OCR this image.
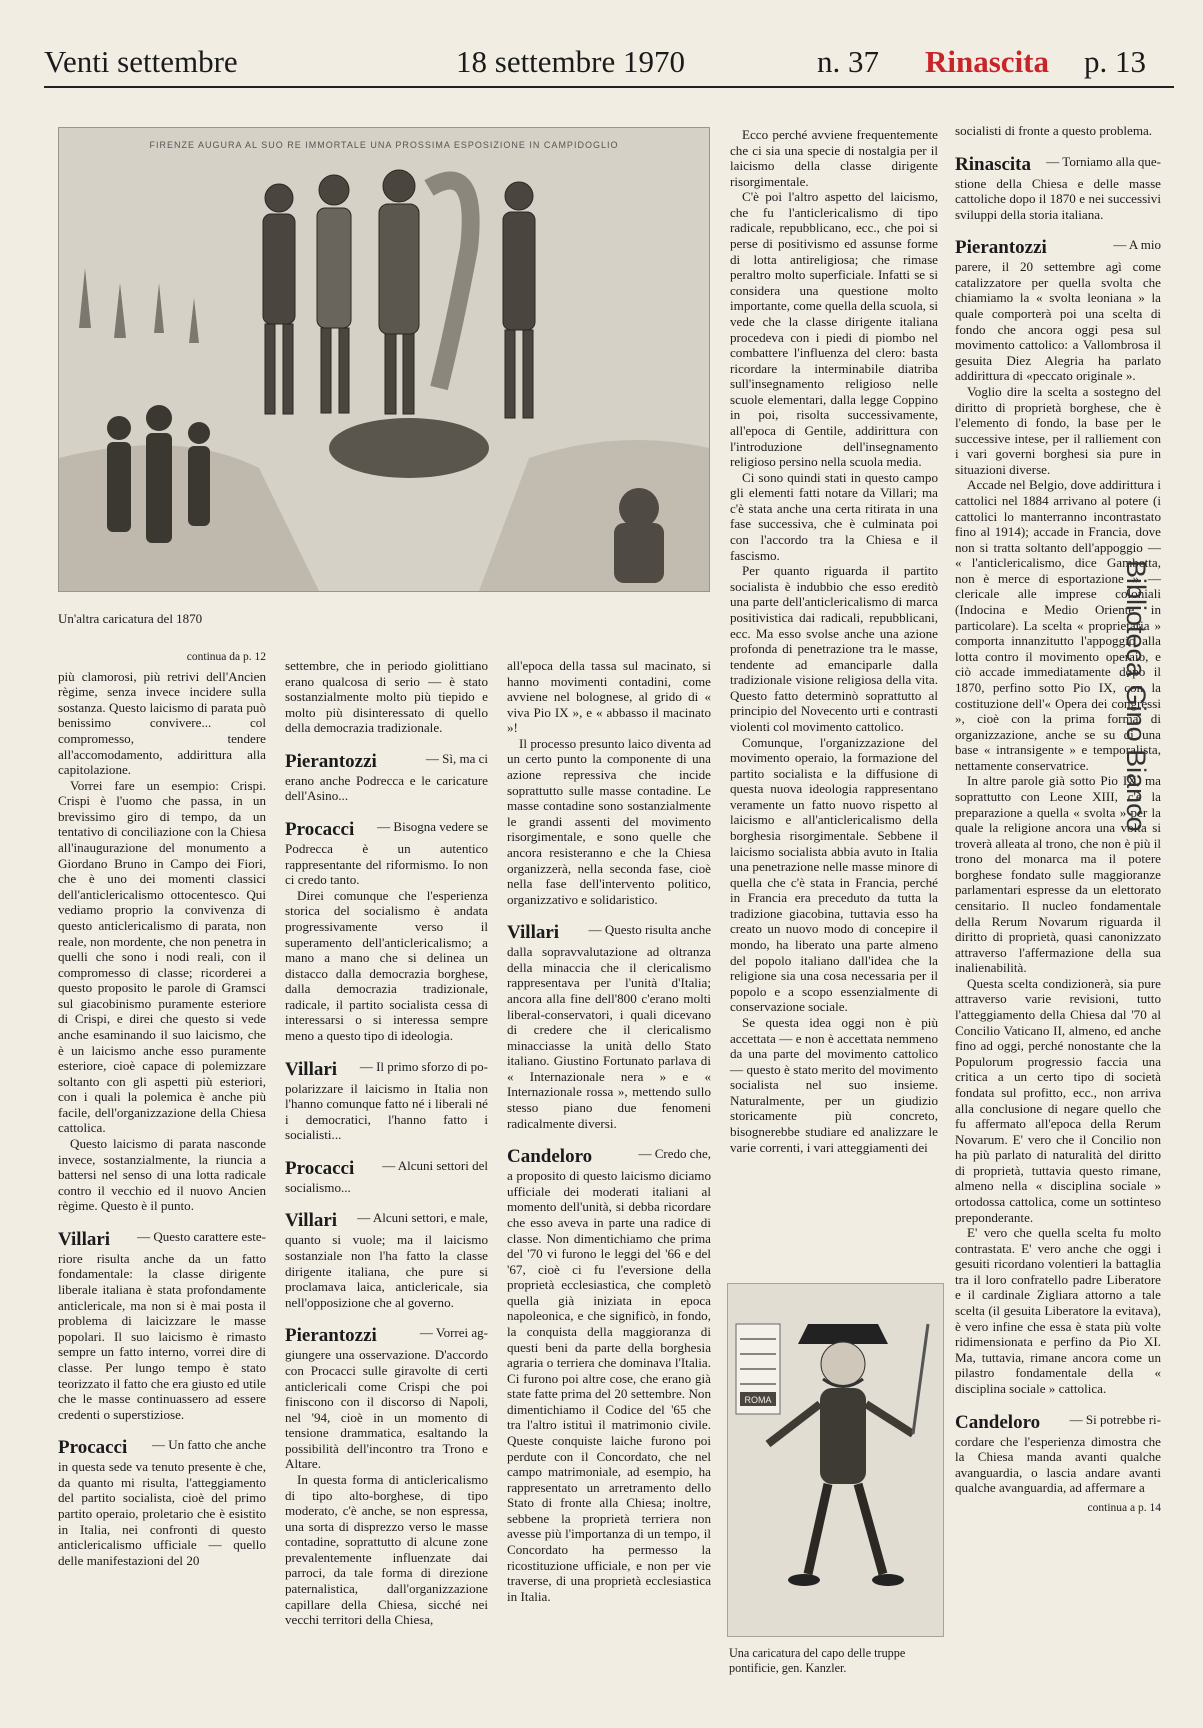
Venti settembre	18 settembre 1970	n. 37 Rinascita p. 13
FIRENZE AUGURA AL SUO RE IMMORTALE UNA PROSSIMA ESPOSIZIONE IN CAMPIDOGLIO
Un'altra caricatura del 1870
continua da p. 12

più clamorosi, più retrivi dell'Ancien règime, senza invece incidere sulla sostanza. Questo laicismo di parata può benissimo convivere... col compromesso, tendere all'accomodamento, addirittura alla capitolazione.

Vorrei fare un esempio: Crispi. Crispi è l'uomo che passa, in un brevissimo giro di tempo, da un tentativo di conciliazione con la Chiesa all'inaugurazione del monumento a Giordano Bruno in Campo dei Fiori, che è uno dei momenti classici dell'anticlericalismo ottocentesco. Qui vediamo proprio la convivenza di questo anticlericalismo di parata, non reale, non mordente, che non penetra in quelli che sono i nodi reali, con il compromesso di classe; ricorderei a questo proposito le parole di Gramsci sul giacobinismo puramente esteriore di Crispi, e direi che questo si vede anche esaminando il suo laicismo, che è un laicismo anche esso puramente esteriore, cioè capace di polemizzare soltanto con gli aspetti più esteriori, con i quali la polemica è anche più facile, dell'organizzazione della Chiesa cattolica.

Questo laicismo di parata nasconde invece, sostanzialmente, la riuncia a battersi nel senso di una lotta radicale contro il vecchio ed il nuovo Ancien règime. Questo è il punto.

Villari — Questo carattere este-

riore risulta anche da un fatto fondamentale: la classe dirigente liberale italiana è stata profondamente anticlericale, ma non si è mai posta il problema di laicizzare le masse popolari. Il suo laicismo è rimasto sempre un fatto interno, vorrei dire di classe. Per lungo tempo è stato teorizzato il fatto che era giusto ed utile che le masse continuassero ad essere credenti o superstiziose.

Procacci — Un fatto che anche

in questa sede va tenuto presente è che, da quanto mi risulta, l'atteggiamento del partito socialista, cioè del primo partito operaio, proletario che è esistito in Italia, nei confronti di questo anticlericalismo ufficiale — quello delle manifestazioni del 20

settembre, che in periodo giolittiano erano qualcosa di serio — è stato sostanzialmente molto più tiepido e molto più disinteressato di quello della democrazia tradizionale.

Pierantozzi	— Sì, ma ci

erano anche Podrecca e le caricature dell'Asino...

Procacci — Bisogna vedere se

Podrecca è un autentico rappresentante del riformismo. Io non ci credo tanto.

Direi comunque che l'esperienza storica del socialismo è andata progressivamente verso il superamento dell'anticlericalismo; a mano a mano che si delinea un distacco dalla democrazia borghese, dalla democrazia tradizionale, radicale, il partito socialista cessa di interessarsi o si interessa sempre meno a questo tipo di ideologia.

Villari — Il primo sforzo di po-

polarizzare il laicismo in Italia non l'hanno comunque fatto né i liberali né i democratici, l'hanno fatto i socialisti...

Procacci — Alcuni settori del

socialismo...

Villari — Alcuni settori, e male,

quanto si vuole; ma il laicismo sostanziale non l'ha fatto la classe dirigente italiana, che pure si proclamava laica, anticlericale, sia nell'opposizione che al governo.

Pierantozzi	— Vorrei ag-

giungere una osservazione. D'accordo con Procacci sulle giravolte di certi anticlericali come Crispi che poi finiscono con il discorso di Napoli, nel '94, cioè in un momento di tensione drammatica, esaltando la possibilità dell'incontro tra Trono e Altare.

In questa forma di anticlericalismo di tipo alto-borghese, di tipo moderato, c'è anche, se non espressa, una sorta di disprezzo verso le masse contadine, soprattutto di alcune zone prevalentemente influenzate dai parroci, da tale forma di direzione paternalistica, dall'organizzazione capillare della Chiesa, sicché nei vecchi territori della Chiesa,

all'epoca della tassa sul macinato, si hanno movimenti contadini, come avviene nel bolognese, al grido di « viva Pio IX », e « abbasso il macinato »!

Il processo presunto laico diventa ad un certo punto la componente di una azione repressiva che incide soprattutto sulle masse contadine. Le masse contadine sono sostanzialmente le grandi assenti del movimento risorgimentale, e sono quelle che ancora resisteranno e che la Chiesa organizzerà, nella seconda fase, cioè nella fase dell'intervento politico, organizzativo e solidaristico.

Villari — Questo risulta anche

dalla sopravvalutazione ad oltranza della minaccia che il clericalismo rappresentava per l'unità d'Italia; ancora alla fine dell'800 c'erano molti liberal-conservatori, i quali dicevano di credere che il clericalismo minacciasse la unità dello Stato italiano. Giustino Fortunato parlava di « Internazionale nera » e « Internazionale rossa », mettendo sullo stesso piano due fenomeni radicalmente diversi.

Candeloro	— Credo che,

a proposito di questo laicismo diciamo ufficiale dei moderati italiani al momento dell'unità, si debba ricordare che esso aveva in parte una radice di classe. Non dimentichiamo che prima del '70 vi furono le leggi del '66 e del '67, cioè ci fu l'eversione della proprietà ecclesiastica, che completò quella già iniziata in epoca napoleonica, e che significò, in fondo, la conquista della maggioranza di questi beni da parte della borghesia agraria o terriera che dominava l'Italia. Ci furono poi altre cose, che erano già state fatte prima del 20 settembre. Non dimentichiamo il Codice del '65 che tra l'altro istituì il matrimonio civile. Queste conquiste laiche furono poi perdute con il Concordato, che nel campo matrimoniale, ad esempio, ha rappresentato un arretramento dello Stato di fronte alla Chiesa; inoltre, sebbene la proprietà terriera non avesse più l'importanza di un tempo, il Concordato ha permesso la ricostituzione ufficiale, e non per vie traverse, di una proprietà ecclesiastica in Italia.

Ecco perché avviene frequentemente che ci sia una specie di nostalgia per il laicismo della classe dirigente risorgimentale.

C'è poi l'altro aspetto del laicismo, che fu l'anticlericalismo di tipo radicale, repubblicano, ecc., che poi si perse di positivismo ed assunse forme di lotta antireligiosa; che rimase peraltro molto superficiale. Infatti se si considera una questione molto importante, come quella della scuola, si vede che la classe dirigente italiana procedeva con i piedi di piombo nel combattere l'influenza del clero: basta ricordare la interminabile diatriba sull'insegnamento religioso nelle scuole elementari, dalla legge Coppino in poi, risolta successivamente, all'epoca di Gentile, addirittura con l'introduzione dell'insegnamento religioso persino nella scuola media.

Ci sono quindi stati in questo campo gli elementi fatti notare da Villari; ma c'è stata anche una certa ritirata in una fase successiva, che è culminata poi con l'accordo tra la Chiesa e il fascismo.

Per quanto riguarda il partito socialista è indubbio che esso ereditò una parte dell'anticlericalismo di marca positivistica dai radicali, repubblicani, ecc. Ma esso svolse anche una azione profonda di penetrazione tra le masse, tendente ad emanciparle dalla tradizionale visione religiosa della vita. Questo fatto determinò soprattutto al principio del Novecento urti e contrasti violenti col movimento cattolico.

Comunque, l'organizzazione del movimento operaio, la formazione del partito socialista e la diffusione di questa nuova ideologia rappresentano veramente un fatto nuovo rispetto al laicismo e all'anticlericalismo della borghesia risorgimentale. Sebbene il laicismo socialista abbia avuto in Italia una penetrazione nelle masse minore di quella che c'è stata in Francia, perché in Francia era preceduto da tutta la tradizione giacobina, tuttavia esso ha creato un nuovo modo di concepire il mondo, ha liberato una parte almeno del popolo italiano dall'idea che la religione sia una cosa necessaria per il popolo e a scopo essenzialmente di conservazione sociale.

Se questa idea oggi non è più accettata — e non è accettata nemmeno da una parte del movimento cattolico — questo è stato merito del movimento socialista nel suo insieme. Naturalmente, per un giudizio storicamente più concreto, bisognerebbe studiare ed analizzare le varie correnti, i vari atteggiamenti dei

ROMA
Una caricatura del capo delle truppe pontificie, gen. Kanzler.

socialisti di fronte a questo problema.

Rinascita — Torniamo alla que-

stione della Chiesa e delle masse cattoliche dopo il 1870 e nei successivi sviluppi della storia italiana.

Pierantozzi	— A mio

parere, il 20 settembre agì come catalizzatore per quella svolta che chiamiamo la « svolta leoniana » la quale comporterà poi una scelta di fondo che ancora oggi pesa sul movimento cattolico: a Vallombrosa il gesuita Diez Alegria ha parlato addirittura di «peccato originale ».

Voglio dire la scelta a sostegno del diritto di proprietà borghese, che è l'elemento di fondo, la base per le successive intese, per il ralliement con i vari governi borghesi sia pure in situazioni diverse.

Accade nel Belgio, dove addirittura i cattolici nel 1884 arrivano al potere (i cattolici lo manterranno incontrastato fino al 1914); accade in Francia, dove non si tratta soltanto dell'appoggio — « l'anticlericalismo, dice Gambetta, non è merce di esportazione » — clericale alle imprese coloniali (Indocina e Medio Oriente in particolare). La scelta « proprietaria » comporta innanzitutto l'appoggio alla lotta contro il movimento operaio, e ciò accade immediatamente dopo il 1870, perfino sotto Pio IX, con la costituzione dell'« Opera dei congressi », cioè con la prima forma di organizzazione, anche se su di una base « intransigente » e temporalista, nettamente conservatrice.

In altre parole già sotto Pio IX, ma soprattutto con Leone XIII, c'è la preparazione a quella « svolta » per la quale la religione ancora una volta si troverà alleata al trono, che non è più il trono del monarca ma il potere borghese fondato sulle maggioranze parlamentari espresse da un elettorato censitario. Il nucleo fondamentale della Rerum Novarum riguarda il diritto di proprietà, quasi canonizzato attraverso l'affermazione della sua inalienabilità.

Questa scelta condizionerà, sia pure attraverso varie revisioni, tutto l'atteggiamento della Chiesa dal '70 al Concilio Vaticano II, almeno, ed anche fino ad oggi, perché nonostante che la Populorum progressio faccia una critica a un certo tipo di società fondata sul profitto, ecc., non arriva alla conclusione di negare quello che fu affermato all'epoca della Rerum Novarum. E' vero che il Concilio non ha più parlato di naturalità del diritto di proprietà, tuttavia questo rimane, almeno nella « disciplina sociale » ortodossa cattolica, come un sottinteso preponderante.

E' vero che quella scelta fu molto contrastata. E' vero anche che oggi i gesuiti ricordano volentieri la battaglia tra il loro confratello padre Liberatore e il cardinale Zigliara attorno a tale scelta (il gesuita Liberatore la evitava), è vero infine che essa è stata più volte ridimensionata e perfino da Pio XI. Ma, tuttavia, rimane ancora come un pilastro fondamentale della « disciplina sociale » cattolica.

Candeloro — Si potrebbe ri-

cordare che l'esperienza dimostra che la Chiesa manda avanti qualche avanguardia, o lascia andare avanti qualche avanguardia, ad affermare a

continua a p. 14
Biblioteca Gino Bianco
